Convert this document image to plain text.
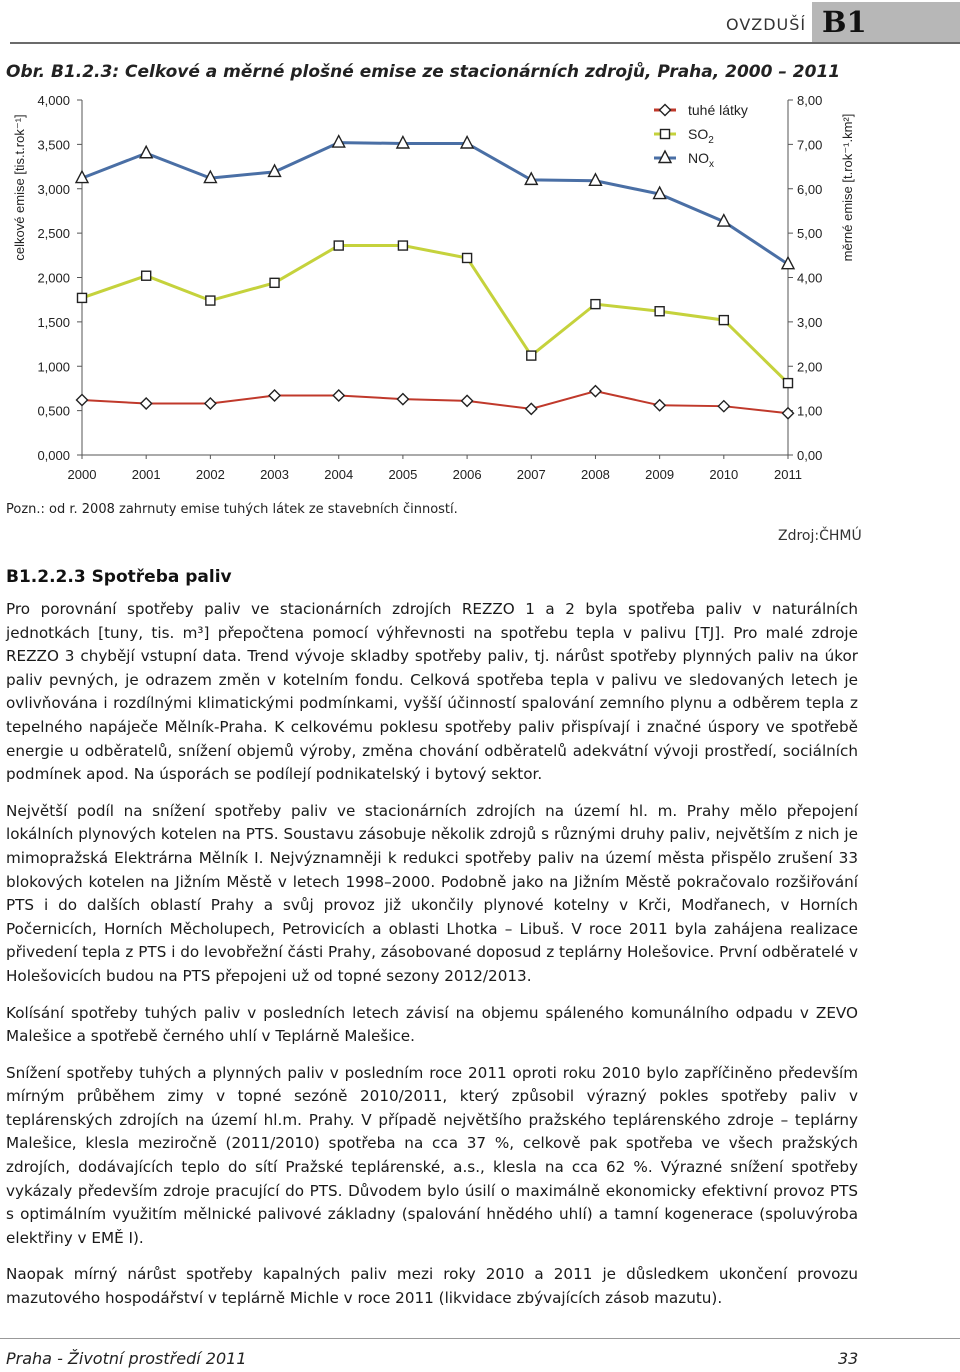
OVZDUŠÍ B1
Obr. B1.2.3: Celkové a měrné plošné emise ze stacionárních zdrojů, Praha, 2000 – 2011
0,000	0,00
0,500	1,00
1,000	2,00
1,500	3,00
2,000	4,00
2,500	5,00
3,000	6,00
3,500	7,00
4,000	8,00
2000	2001	2002	2003	2004	2005	2006	2007	2008	2009	2010	2011
celkové emise [tis.t.rok⁻¹]	měrné emise [t.rok⁻¹.km²]
tuhé látky
$SO_2$
$NO_x$
Pozn.: od r. 2008 zahrnuty emise tuhých látek ze stavebních činností.
Zdroj:ČHMÚ
B1.2.2.3 Spotřeba paliv

Pro porovnání spotřeby paliv ve stacionárních zdrojích REZZO 1 a 2 byla spotřeba paliv v naturálních jednotkách [tuny, tis. m³] přepočtena pomocí výhřevnosti na spotřebu tepla v palivu [TJ]. Pro malé zdroje REZZO 3 chybějí vstupní data. Trend vývoje skladby spotřeby paliv, tj. nárůst spotřeby plynných paliv na úkor paliv pevných, je odrazem změn v kotelním fondu. Celková spotřeba tepla v palivu ve sledovaných letech je ovlivňována i rozdílnými klimatickými podmínkami, vyšší účinností spalování zemního plynu a odběrem tepla z tepelného napáječe Mělník-Praha. K celkovému poklesu spotřeby paliv přispívají i značné úspory ve spotřebě energie u odběratelů, snížení objemů výroby, změna chování odběratelů adekvátní vývoji prostředí, sociálních podmínek apod. Na úsporách se podílejí podnikatelský i bytový sektor.

Největší podíl na snížení spotřeby paliv ve stacionárních zdrojích na území hl. m. Prahy mělo přepojení lokálních plynových kotelen na PTS. Soustavu zásobuje několik zdrojů s různými druhy paliv, největším z nich je mimopražská Elektrárna Mělník I. Nejvýznamněji k redukci spotřeby paliv na území města přispělo zrušení 33 blokových kotelen na Jižním Městě v letech 1998–2000. Podobně jako na Jižním Městě pokračovalo rozšiřování PTS i do dalších oblastí Prahy a svůj provoz již ukončily plynové kotelny v Krči, Modřanech, v Horních Počernicích, Horních Měcholupech, Petrovicích a oblasti Lhotka – Libuš. V roce 2011 byla zahájena realizace přivedení tepla z PTS i do levobřežní části Prahy, zásobované doposud z teplárny Holešovice. První odběratelé v Holešovicích budou na PTS přepojeni už od topné sezony 2012/2013.

Kolísání spotřeby tuhých paliv v posledních letech závisí na objemu spáleného komunálního odpadu v ZEVO Malešice a spotřebě černého uhlí v Teplárně Malešice.

Snížení spotřeby tuhých a plynných paliv v posledním roce 2011 oproti roku 2010 bylo zapříčiněno především mírným průběhem zimy v topné sezóně 2010/2011, který způsobil výrazný pokles spotřeby paliv v teplárenských zdrojích na území hl.m. Prahy. V případě největšího pražského teplárenského zdroje – teplárny Malešice, klesla meziročně (2011/2010) spotřeba na cca 37 %, celkově pak spotřeba ve všech pražských zdrojích, dodávajících teplo do sítí Pražské teplárenské, a.s., klesla na cca 62 %. Výrazné snížení spotřeby vykázaly především zdroje pracující do PTS. Důvodem bylo úsilí o maximálně ekonomicky efektivní provoz PTS s optimálním využitím mělnické palivové základny (spalování hnědého uhlí) a tamní kogenerace (spoluvýroba elektřiny v EMĚ I).

Naopak mírný nárůst spotřeby kapalných paliv mezi roky 2010 a 2011 je důsledkem ukončení provozu mazutového hospodářství v teplárně Michle v roce 2011 (likvidace zbývajících zásob mazutu).

Praha - Životní prostředí 2011	33
